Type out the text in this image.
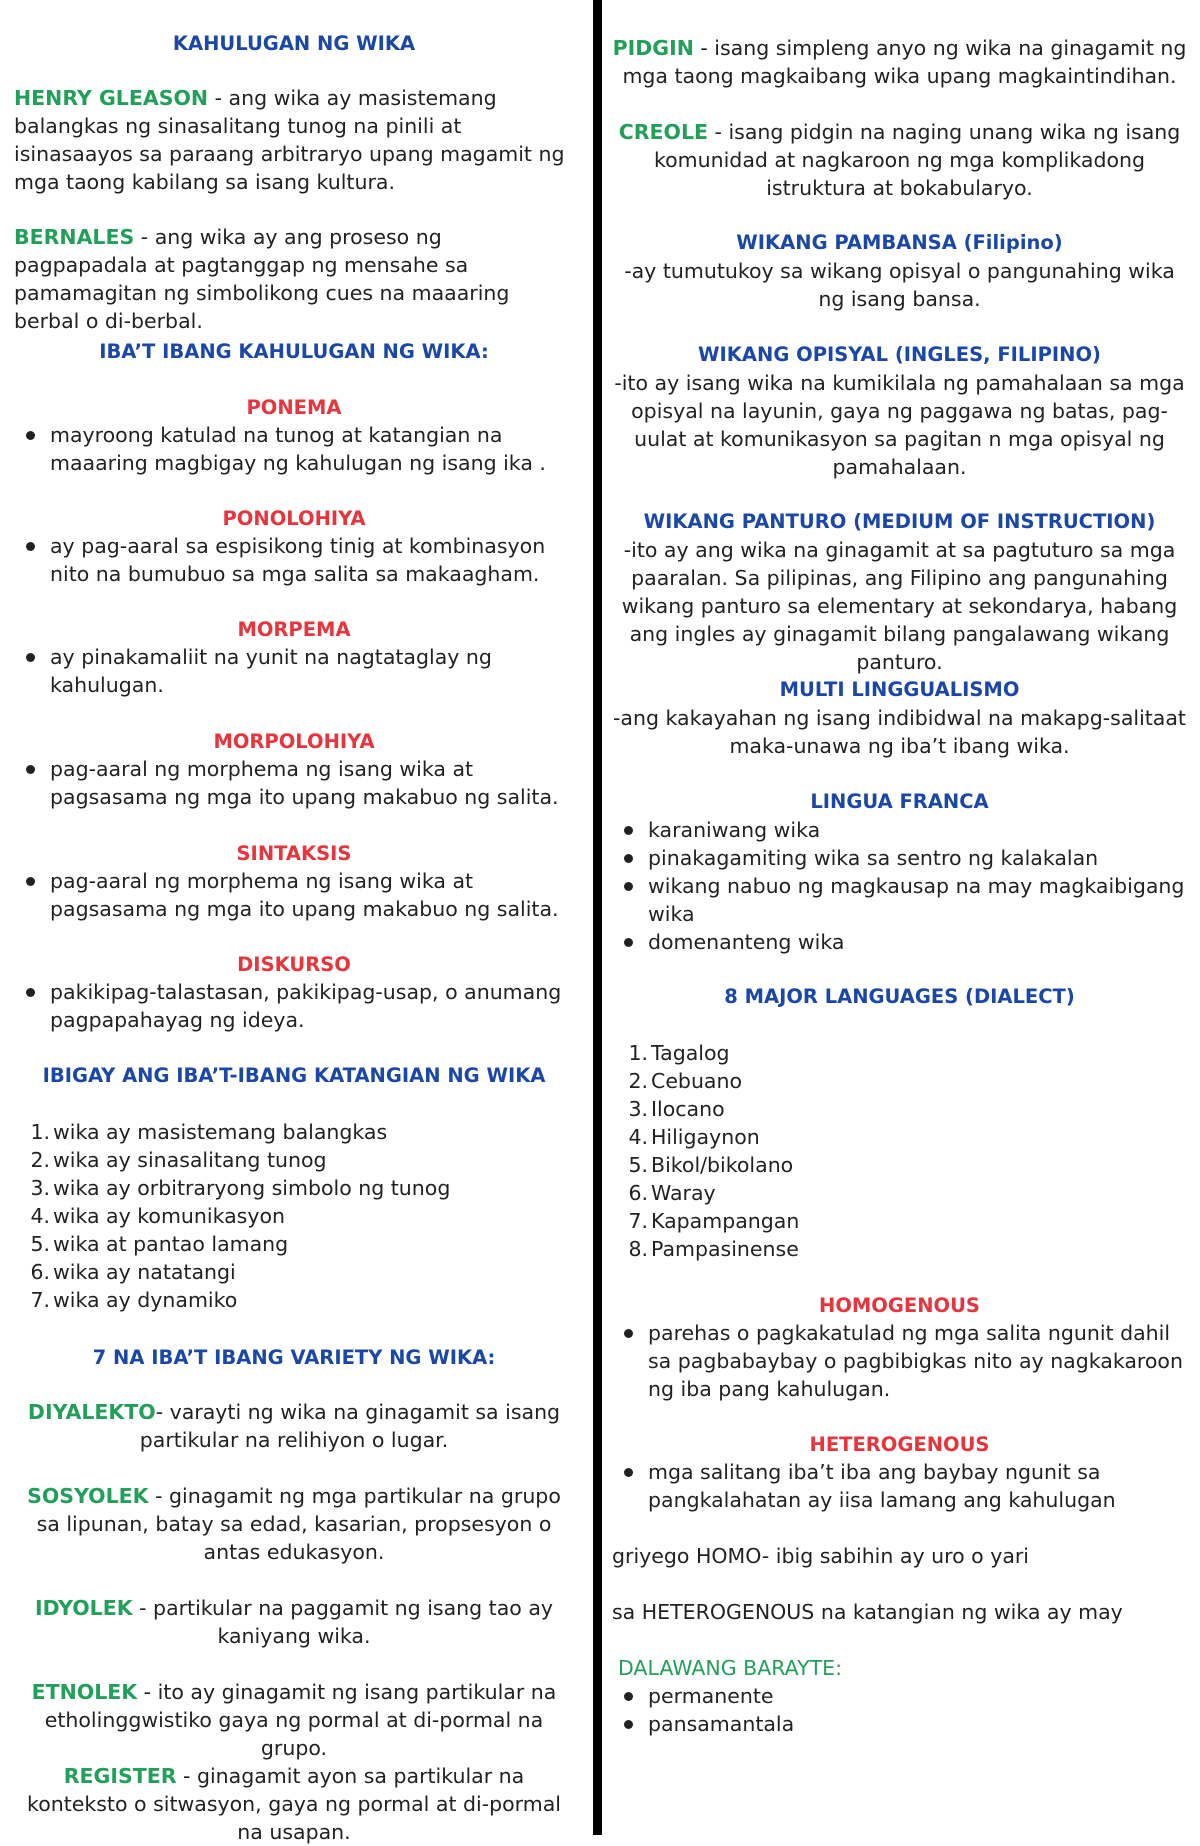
KAHULUGAN NG WIKA

HENRY GLEASON - ang wika ay masistemang balangkas ng sinasalitang tunog na pinili at isinasaayos sa paraang arbitraryo upang magamit ng mga taong kabilang sa isang kultura.

BERNALES - ang wika ay ang proseso ng pagpapadala at pagtanggap ng mensahe sa pamamagitan ng simbolikong cues na maaaring berbal o di-berbal.

IBA’T IBANG KAHULUGAN NG WIKA:
PONEMA
mayroong katulad na tunog at katangian na maaaring magbigay ng kahulugan ng isang ika .
PONOLOHIYA
ay pag-aaral sa espisikong tinig at kombinasyon nito na bumubuo sa mga salita sa makaagham.
MORPEMA
ay pinakamaliit na yunit na nagtataglay ng kahulugan.
MORPOLOHIYA
pag-aaral ng morphema ng isang wika at pagsasama ng mga ito upang makabuo ng salita.
SINTAKSIS
pag-aaral ng morphema ng isang wika at pagsasama ng mga ito upang makabuo ng salita.
DISKURSO
pakikipag-talastasan, pakikipag-usap, o anumang pagpapahayag ng ideya.
IBIGAY ANG IBA’T-IBANG KATANGIAN NG WIKA
1. wika ay masistemang balangkas
2. wika ay sinasalitang tunog
3. wika ay orbitraryong simbolo ng tunog
4. wika ay komunikasyon
5. wika at pantao lamang
6. wika ay natatangi
7. wika ay dynamiko
7 NA IBA’T IBANG VARIETY NG WIKA:

DIYALEKTO- varayti ng wika na ginagamit sa isang partikular na relihiyon o lugar.

SOSYOLEK - ginagamit ng mga partikular na grupo sa lipunan, batay sa edad, kasarian, propsesyon o antas edukasyon.

IDYOLEK - partikular na paggamit ng isang tao ay kaniyang wika.

ETNOLEK - ito ay ginagamit ng isang partikular na etholinggwistiko gaya ng pormal at di-pormal na grupo.

REGISTER - ginagamit ayon sa partikular na konteksto o sitwasyon, gaya ng pormal at di-pormal na usapan.

PIDGIN - isang simpleng anyo ng wika na ginagamit ng mga taong magkaibang wika upang magkaintindihan.

CREOLE - isang pidgin na naging unang wika ng isang komunidad at nagkaroon ng mga komplikadong istruktura at bokabularyo.

WIKANG PAMBANSA (Filipino)

-ay tumutukoy sa wikang opisyal o pangunahing wika ng isang bansa.

WIKANG OPISYAL (INGLES, FILIPINO)

-ito ay isang wika na kumikilala ng pamahalaan sa mga opisyal na layunin, gaya ng paggawa ng batas, pag-uulat at komunikasyon sa pagitan n mga opisyal ng pamahalaan.

WIKANG PANTURO (MEDIUM OF INSTRUCTION)

-ito ay ang wika na ginagamit at sa pagtuturo sa mga paaralan. Sa pilipinas, ang Filipino ang pangunahing wikang panturo sa elementary at sekondarya, habang ang ingles ay ginagamit bilang pangalawang wikang panturo.

MULTI LINGGUALISMO

-ang kakayahan ng isang indibidwal na makapg-salitaat maka-unawa ng iba’t ibang wika.

LINGUA FRANCA
karaniwang wika
pinakagamiting wika sa sentro ng kalakalan
wikang nabuo ng magkausap na may magkaibigang wika
domenanteng wika
8 MAJOR LANGUAGES (DIALECT)
1. Tagalog
2. Cebuano
3. Ilocano
4. Hiligaynon
5. Bikol/bikolano
6. Waray
7. Kapampangan
8. Pampasinense
HOMOGENOUS
parehas o pagkakatulad ng mga salita ngunit dahil sa pagbabaybay o pagbibigkas nito ay nagkakaroon ng iba pang kahulugan.
HETEROGENOUS
mga salitang iba’t iba ang baybay ngunit sa pangkalahatan ay iisa lamang ang kahulugan

griyego HOMO- ibig sabihin ay uro o yari

sa HETEROGENOUS na katangian ng wika ay may

DALAWANG BARAYTE:
permanente
pansamantala
